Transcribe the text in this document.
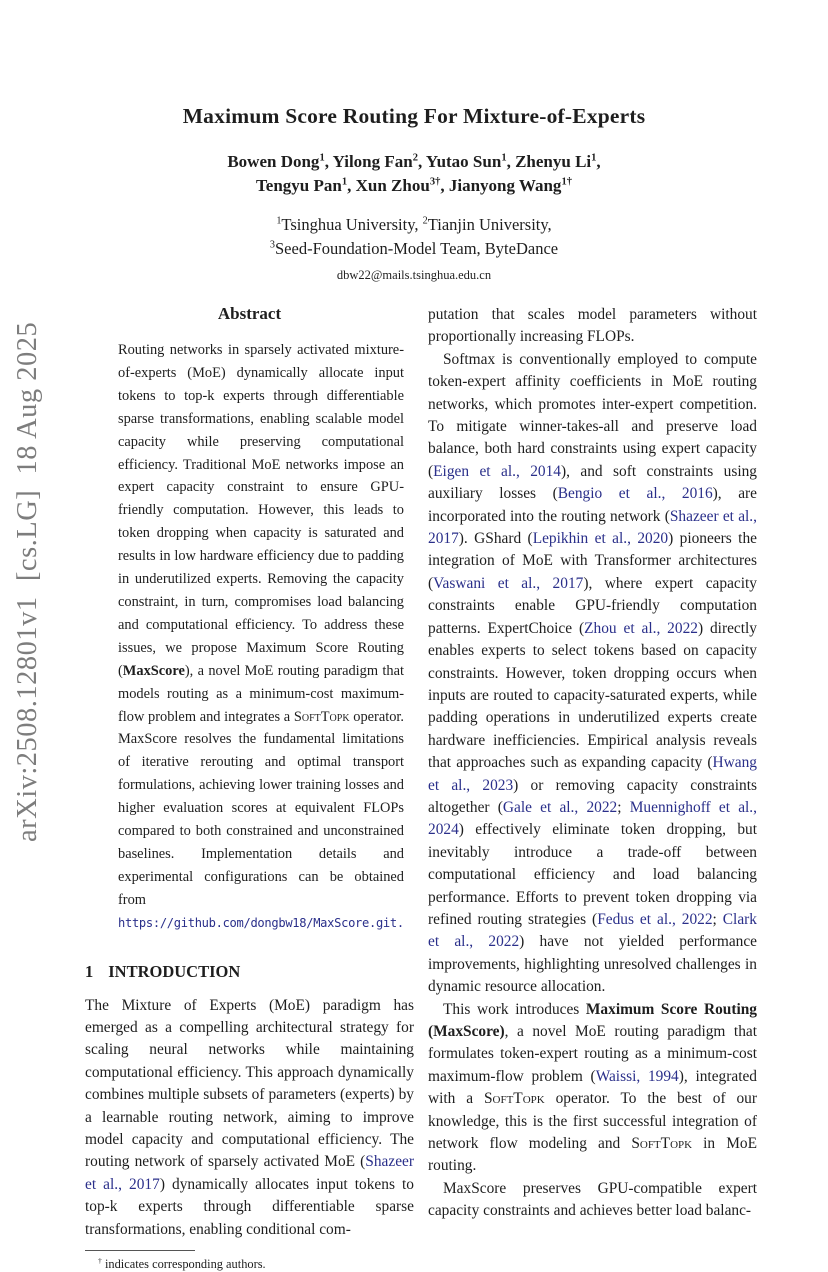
arXiv:2508.12801v1  [cs.LG]  18 Aug 2025
Maximum Score Routing For Mixture-of-Experts
Bowen Dong$^1$, Yilong Fan$^2$, Yutao Sun$^1$, Zhenyu Li$^1$,
Tengyu Pan$^1$, Xun Zhou$^{3\dagger}$, Jianyong Wang$^{1\dagger}$
$^1$Tsinghua University, $^2$Tianjin University,
$^3$Seed-Foundation-Model Team, ByteDance
dbw22@mails.tsinghua.edu.cn
Abstract
Routing networks in sparsely activated mixture-of-experts (MoE) dynamically allocate input tokens to top-k experts through differentiable sparse transformations, enabling scalable model capacity while preserving computational efficiency. Traditional MoE networks impose an expert capacity constraint to ensure GPU-friendly computation. However, this leads to token dropping when capacity is saturated and results in low hardware efficiency due to padding in underutilized experts. Removing the capacity constraint, in turn, compromises load balancing and computational efficiency. To address these issues, we propose Maximum Score Routing (MaxScore), a novel MoE routing paradigm that models routing as a minimum-cost maximum-flow problem and integrates a SoftTopk operator. MaxScore resolves the fundamental limitations of iterative rerouting and optimal transport formulations, achieving lower training losses and higher evaluation scores at equivalent FLOPs compared to both constrained and unconstrained baselines. Implementation details and experimental configurations can be obtained from https://github.com/dongbw18/MaxScore.git.
1 INTRODUCTION

The Mixture of Experts (MoE) paradigm has emerged as a compelling architectural strategy for scaling neural networks while maintaining computational efficiency. This approach dynamically combines multiple subsets of parameters (experts) by a learnable routing network, aiming to improve model capacity and computational efficiency. The routing network of sparsely activated MoE (Shazeer et al., 2017) dynamically allocates input tokens to top-k experts through differentiable sparse transformations, enabling conditional com-

† indicates corresponding authors.

putation that scales model parameters without proportionally increasing FLOPs.

Softmax is conventionally employed to compute token-expert affinity coefficients in MoE routing networks, which promotes inter-expert competition. To mitigate winner-takes-all and preserve load balance, both hard constraints using expert capacity (Eigen et al., 2014), and soft constraints using auxiliary losses (Bengio et al., 2016), are incorporated into the routing network (Shazeer et al., 2017). GShard (Lepikhin et al., 2020) pioneers the integration of MoE with Transformer architectures (Vaswani et al., 2017), where expert capacity constraints enable GPU-friendly computation patterns. ExpertChoice (Zhou et al., 2022) directly enables experts to select tokens based on capacity constraints. However, token dropping occurs when inputs are routed to capacity-saturated experts, while padding operations in underutilized experts create hardware inefficiencies. Empirical analysis reveals that approaches such as expanding capacity (Hwang et al., 2023) or removing capacity constraints altogether (Gale et al., 2022; Muennighoff et al., 2024) effectively eliminate token dropping, but inevitably introduce a trade-off between computational efficiency and load balancing performance. Efforts to prevent token dropping via refined routing strategies (Fedus et al., 2022; Clark et al., 2022) have not yielded performance improvements, highlighting unresolved challenges in dynamic resource allocation.

This work introduces Maximum Score Routing (MaxScore), a novel MoE routing paradigm that formulates token-expert routing as a minimum-cost maximum-flow problem (Waissi, 1994), integrated with a SoftTopk operator. To the best of our knowledge, this is the first successful integration of network flow modeling and SoftTopk in MoE routing.

MaxScore preserves GPU-compatible expert capacity constraints and achieves better load balanc-
